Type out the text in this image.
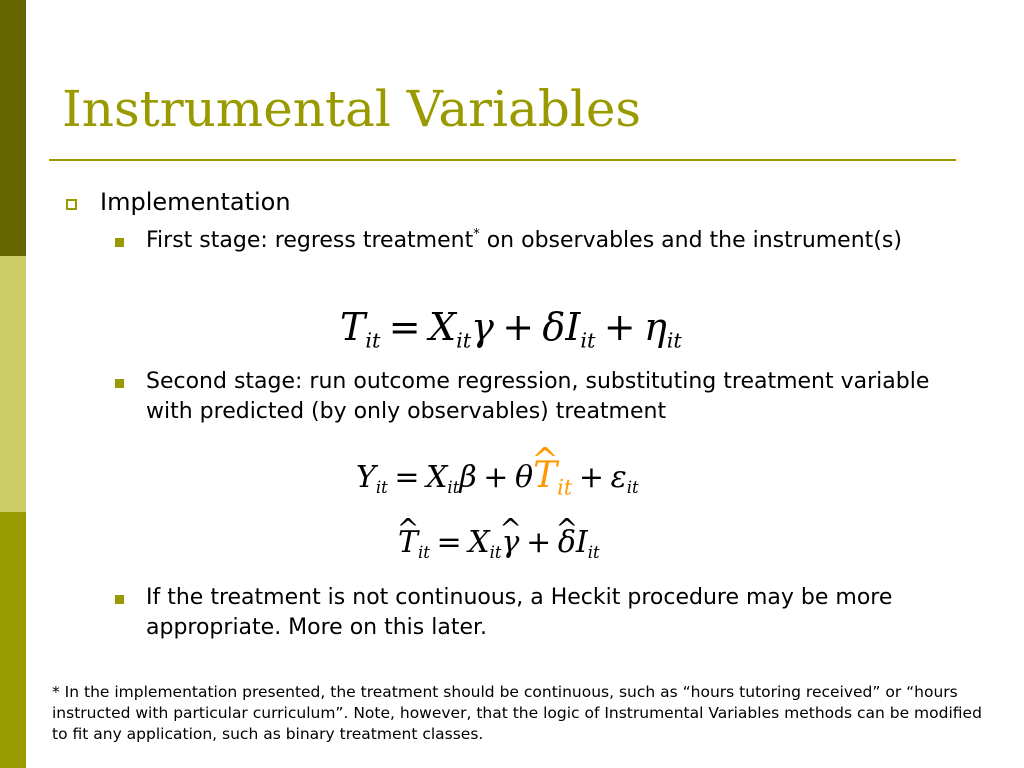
Instrumental Variables
Implementation
First stage: regress treatment* on observables and the instrument(s)
$T_{it} = X_{it}\gamma + \delta I_{it} + \eta_{it}$
Second stage: run outcome regression, substituting treatment variable with predicted (by only observables) treatment
$Y_{it} = X_{it}\beta$ + θ^ $T_{it} + \varepsilon_{it}$
^ $T_{it}$ = $X_{it}\^{}$ γ +^ $\delta I_{it}$
If the treatment is not continuous, a Heckit procedure may be more appropriate. More on this later.
* In the implementation presented, the treatment should be continuous, such as “hours tutoring received” or “hours instructed with particular curriculum”. Note, however, that the logic of Instrumental Variables methods can be modified to fit any application, such as binary treatment classes.
